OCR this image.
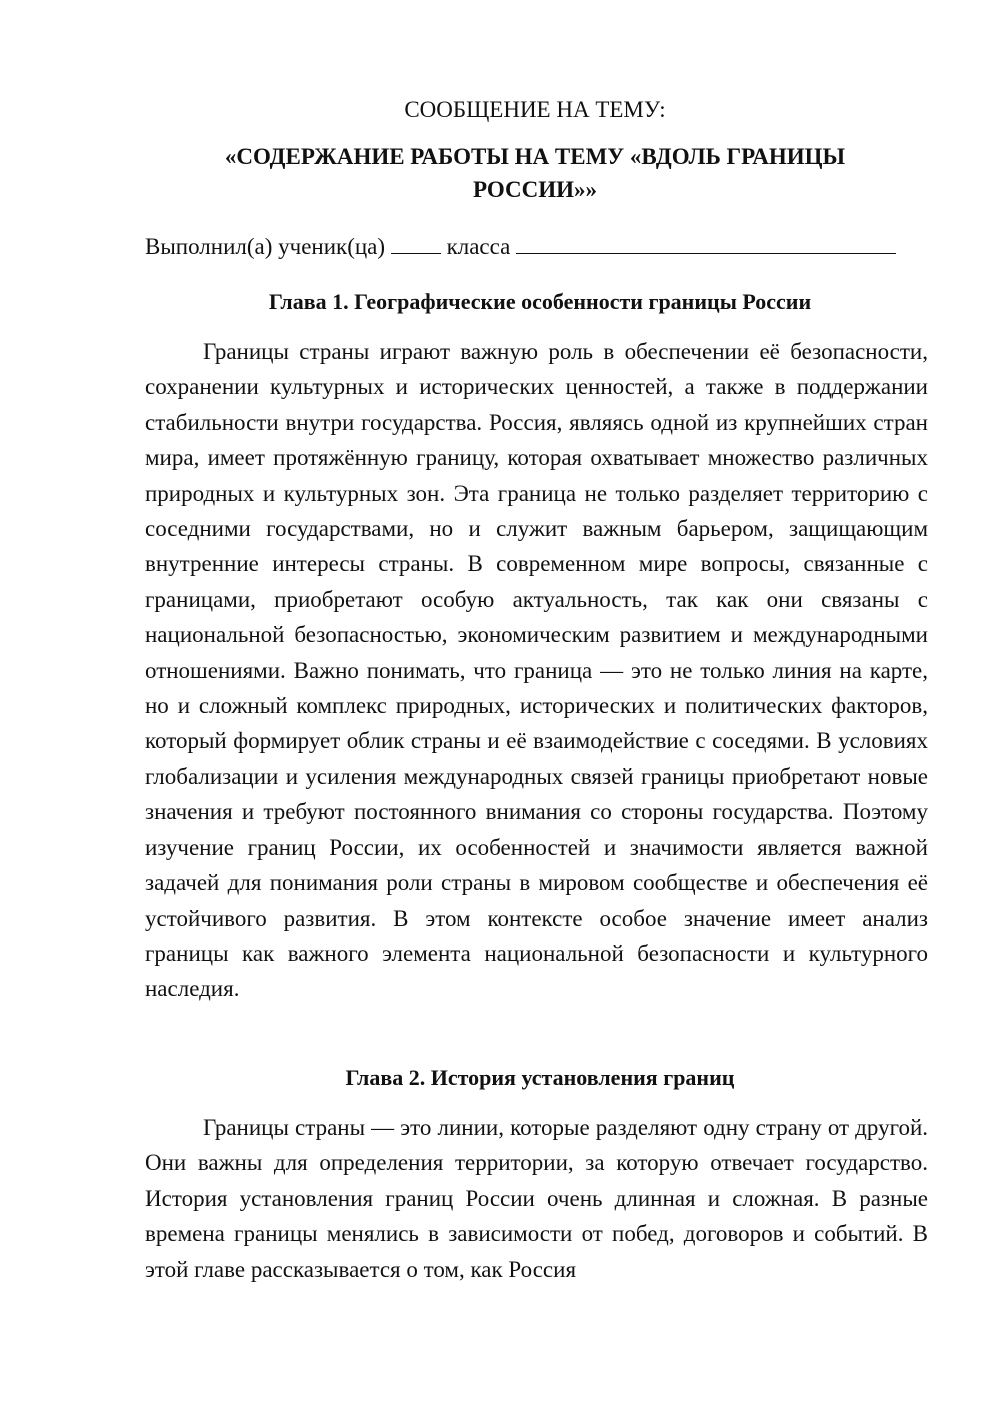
СООБЩЕНИЕ НА ТЕМУ:

«СОДЕРЖАНИЕ РАБОТЫ НА ТЕМУ «ВДОЛЬ ГРАНИЦЫ

РОССИИ»»

Выполнил(а) ученик(ца)	класса

Глава 1. Географические особенности границы России

Границы страны играют важную роль в обеспечении её безопасности, сохранении культурных и исторических ценностей, а также в поддержании стабильности внутри государства. Россия, являясь одной из крупнейших стран мира, имеет протяжённую границу, которая охватывает множество различных природных и культурных зон. Эта граница не только разделяет территорию с соседними государствами, но и служит важным барьером, защищающим внутренние интересы страны. В современном мире вопросы, связанные с границами, приобретают особую актуальность, так как они связаны с национальной безопасностью, экономическим развитием и международными отношениями. Важно понимать, что граница — это не только линия на карте, но и сложный комплекс природных, исторических и политических факторов, который формирует облик страны и её взаимодействие с соседями. В условиях глобализации и усиления международных связей границы приобретают новые значения и требуют постоянного внимания со стороны государства. Поэтому изучение границ России, их особенностей и значимости является важной задачей для понимания роли страны в мировом сообществе и обеспечения её устойчивого развития. В этом контексте особое значение имеет анализ границы как важного элемента национальной безопасности и культурного наследия.

Глава 2. История установления границ

Границы страны — это линии, которые разделяют одну страну от другой. Они важны для определения территории, за которую отвечает государство. История установления границ России очень длинная и сложная. В разные времена границы менялись в зависимости от побед, договоров и событий. В этой главе рассказывается о том, как Россия
